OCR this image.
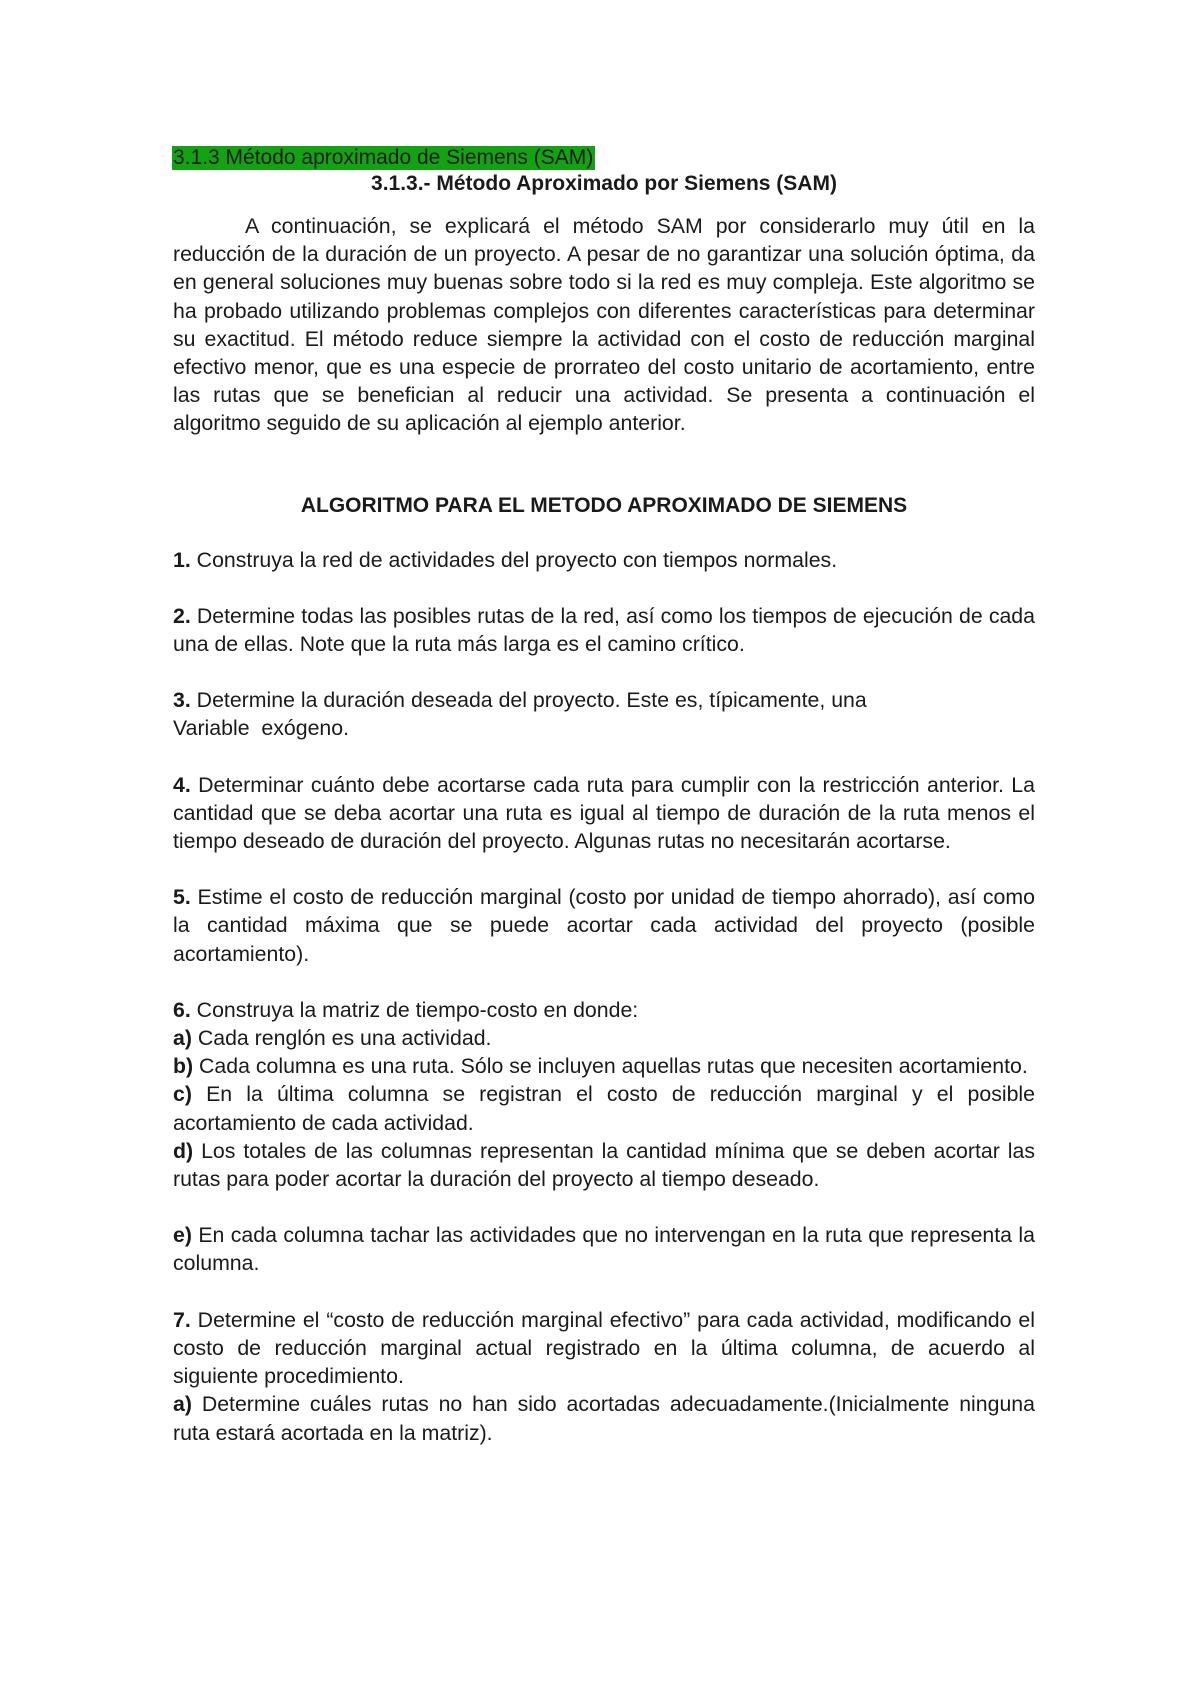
3.1.3 Método aproximado de Siemens (SAM)

3.1.3.- Método Aproximado por Siemens (SAM)

A continuación, se explicará el método SAM por considerarlo muy útil en la reducción de la duración de un proyecto. A pesar de no garantizar una solución óptima, da en general soluciones muy buenas sobre todo si la red es muy compleja. Este algoritmo se ha probado utilizando problemas complejos con diferentes características para determinar su exactitud. El método reduce siempre la actividad con el costo de reducción marginal efectivo menor, que es una especie de prorrateo del costo unitario de acortamiento, entre las rutas que se benefician al reducir una actividad. Se presenta a continuación el algoritmo seguido de su aplicación al ejemplo anterior.

ALGORITMO PARA EL METODO APROXIMADO DE SIEMENS

1. Construya la red de actividades del proyecto con tiempos normales.

2. Determine todas las posibles rutas de la red, así como los tiempos de ejecución de cada una de ellas. Note que la ruta más larga es el camino crítico.

3. Determine la duración deseada del proyecto. Este es, típicamente, una
Variable  exógeno.

4. Determinar cuánto debe acortarse cada ruta para cumplir con la restricción anterior. La cantidad que se deba acortar una ruta es igual al tiempo de duración de la ruta menos el tiempo deseado de duración del proyecto. Algunas rutas no necesitarán acortarse.

5. Estime el costo de reducción marginal (costo por unidad de tiempo ahorrado), así como la cantidad máxima que se puede acortar cada actividad del proyecto (posible acortamiento).

6. Construya la matriz de tiempo-costo en donde:

a) Cada renglón es una actividad.

b) Cada columna es una ruta. Sólo se incluyen aquellas rutas que necesiten acortamiento.

c) En la última columna se registran el costo de reducción marginal y el posible acortamiento de cada actividad.

d) Los totales de las columnas representan la cantidad mínima que se deben acortar las rutas para poder acortar la duración del proyecto al tiempo deseado.

e) En cada columna tachar las actividades que no intervengan en la ruta que representa la columna.

7. Determine el “costo de reducción marginal efectivo” para cada actividad, modificando el costo de reducción marginal actual registrado en la última columna, de acuerdo al siguiente procedimiento.

a) Determine cuáles rutas no han sido acortadas adecuadamente.(Inicialmente ninguna ruta estará acortada en la matriz).
